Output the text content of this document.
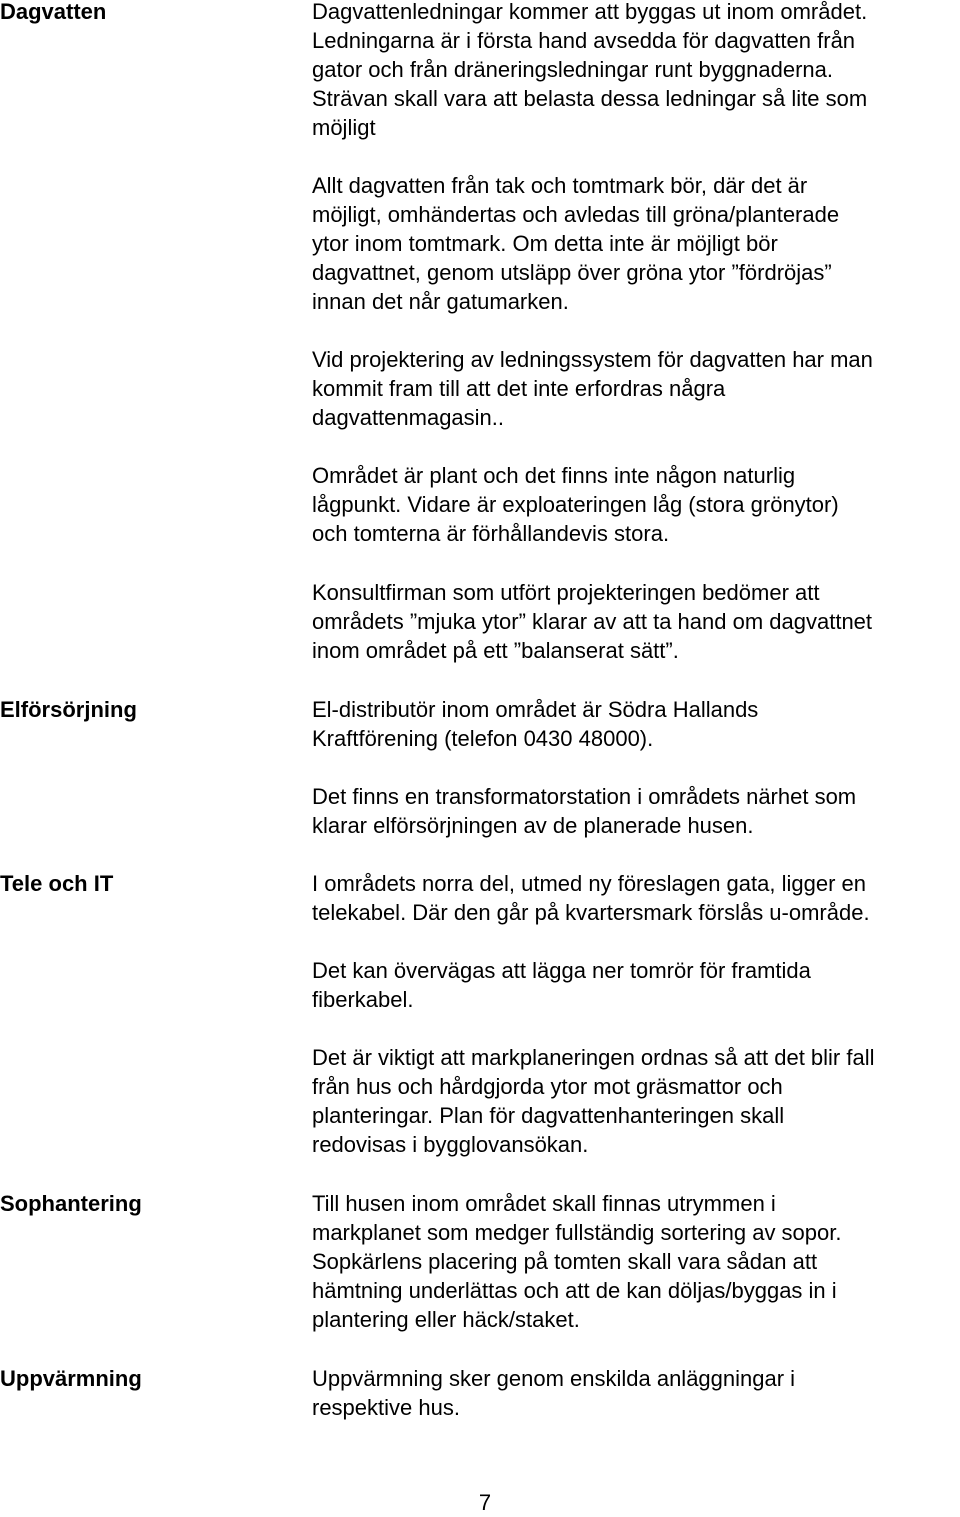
Dagvatten	Dagvattenledningar kommer att byggas ut inom området.
Ledningarna är i första hand avsedda för dagvatten från
gator och från dräneringsledningar runt byggnaderna.
Strävan skall vara att belasta dessa ledningar så lite som
möjligt
Allt dagvatten från tak och tomtmark bör, där det är
möjligt, omhändertas och avledas till gröna/planterade
ytor inom tomtmark. Om detta inte är möjligt bör
dagvattnet, genom utsläpp över gröna ytor ”fördröjas”
innan det når gatumarken.
Vid projektering av ledningssystem för dagvatten har man
kommit fram till att det inte erfordras några
dagvattenmagasin..
Området är plant och det finns inte någon naturlig
lågpunkt. Vidare är exploateringen låg (stora grönytor)
och tomterna är förhållandevis stora.
Konsultfirman som utfört projekteringen bedömer att
områdets ”mjuka ytor” klarar av att ta hand om dagvattnet
inom området på ett ”balanserat sätt”.
Elförsörjning	El-distributör inom området är Södra Hallands
Kraftförening (telefon 0430 48000).
Det finns en transformatorstation i områdets närhet som
klarar elförsörjningen av de planerade husen.
Tele och IT	I områdets norra del, utmed ny föreslagen gata, ligger en
telekabel. Där den går på kvartersmark förslås u-område.
Det kan övervägas att lägga ner tomrör för framtida
fiberkabel.
Det är viktigt att markplaneringen ordnas så att det blir fall
från hus och hårdgjorda ytor mot gräsmattor och
planteringar. Plan för dagvattenhanteringen skall
redovisas i bygglovansökan.
Sophantering	Till husen inom området skall finnas utrymmen i
markplanet som medger fullständig sortering av sopor.
Sopkärlens placering på tomten skall vara sådan att
hämtning underlättas och att de kan döljas/byggas in i
plantering eller häck/staket.
Uppvärmning	Uppvärmning sker genom enskilda anläggningar i
respektive hus.
7
